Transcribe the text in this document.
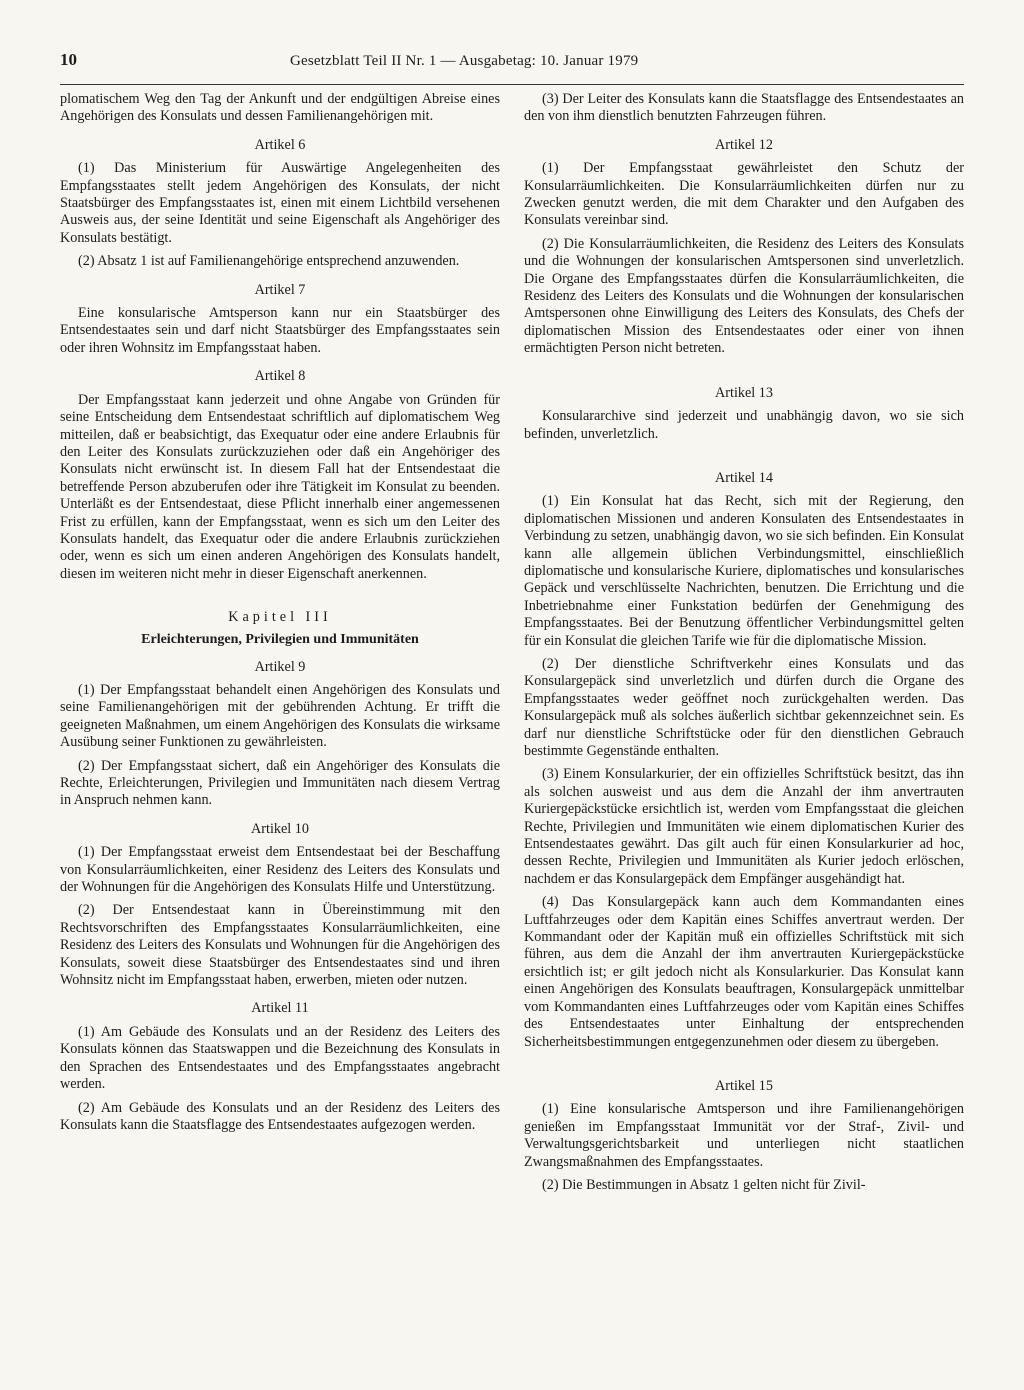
10	Gesetzblatt Teil II Nr. 1 — Ausgabetag: 10. Januar 1979

plomatischem Weg den Tag der Ankunft und der endgültigen Abreise eines Angehörigen des Konsulats und dessen Familienangehörigen mit.

Artikel 6

(1) Das Ministerium für Auswärtige Angelegenheiten des Empfangsstaates stellt jedem Angehörigen des Konsulats, der nicht Staatsbürger des Empfangsstaates ist, einen mit einem Lichtbild versehenen Ausweis aus, der seine Identität und seine Eigenschaft als Angehöriger des Konsulats bestätigt.

(2) Absatz 1 ist auf Familienangehörige entsprechend anzuwenden.

Artikel 7

Eine konsularische Amtsperson kann nur ein Staatsbürger des Entsendestaates sein und darf nicht Staatsbürger des Empfangsstaates sein oder ihren Wohnsitz im Empfangsstaat haben.

Artikel 8

Der Empfangsstaat kann jederzeit und ohne Angabe von Gründen für seine Entscheidung dem Entsendestaat schriftlich auf diplomatischem Weg mitteilen, daß er beabsichtigt, das Exequatur oder eine andere Erlaubnis für den Leiter des Konsulats zurückzuziehen oder daß ein Angehöriger des Konsulats nicht erwünscht ist. In diesem Fall hat der Entsendestaat die betreffende Person abzuberufen oder ihre Tätigkeit im Konsulat zu beenden. Unterläßt es der Entsendestaat, diese Pflicht innerhalb einer angemessenen Frist zu erfüllen, kann der Empfangsstaat, wenn es sich um den Leiter des Konsulats handelt, das Exequatur oder die andere Erlaubnis zurückziehen oder, wenn es sich um einen anderen Angehörigen des Konsulats handelt, diesen im weiteren nicht mehr in dieser Eigenschaft anerkennen.

Kapitel III
Erleichterungen, Privilegien und Immunitäten
Artikel 9

(1) Der Empfangsstaat behandelt einen Angehörigen des Konsulats und seine Familienangehörigen mit der gebührenden Achtung. Er trifft die geeigneten Maßnahmen, um einem Angehörigen des Konsulats die wirksame Ausübung seiner Funktionen zu gewährleisten.

(2) Der Empfangsstaat sichert, daß ein Angehöriger des Konsulats die Rechte, Erleichterungen, Privilegien und Immunitäten nach diesem Vertrag in Anspruch nehmen kann.

Artikel 10

(1) Der Empfangsstaat erweist dem Entsendestaat bei der Beschaffung von Konsularräumlichkeiten, einer Residenz des Leiters des Konsulats und der Wohnungen für die Angehörigen des Konsulats Hilfe und Unterstützung.

(2) Der Entsendestaat kann in Übereinstimmung mit den Rechtsvorschriften des Empfangsstaates Konsularräumlichkeiten, eine Residenz des Leiters des Konsulats und Wohnungen für die Angehörigen des Konsulats, soweit diese Staatsbürger des Entsendestaates sind und ihren Wohnsitz nicht im Empfangsstaat haben, erwerben, mieten oder nutzen.

Artikel 11

(1) Am Gebäude des Konsulats und an der Residenz des Leiters des Konsulats können das Staatswappen und die Bezeichnung des Konsulats in den Sprachen des Entsendestaates und des Empfangsstaates angebracht werden.

(2) Am Gebäude des Konsulats und an der Residenz des Leiters des Konsulats kann die Staatsflagge des Entsendestaates aufgezogen werden.

(3) Der Leiter des Konsulats kann die Staatsflagge des Entsendestaates an den von ihm dienstlich benutzten Fahrzeugen führen.

Artikel 12

(1) Der Empfangsstaat gewährleistet den Schutz der Konsularräumlichkeiten. Die Konsularräumlichkeiten dürfen nur zu Zwecken genutzt werden, die mit dem Charakter und den Aufgaben des Konsulats vereinbar sind.

(2) Die Konsularräumlichkeiten, die Residenz des Leiters des Konsulats und die Wohnungen der konsularischen Amtspersonen sind unverletzlich. Die Organe des Empfangsstaates dürfen die Konsularräumlichkeiten, die Residenz des Leiters des Konsulats und die Wohnungen der konsularischen Amtspersonen ohne Einwilligung des Leiters des Konsulats, des Chefs der diplomatischen Mission des Entsendestaates oder einer von ihnen ermächtigten Person nicht betreten.

Artikel 13

Konsulararchive sind jederzeit und unabhängig davon, wo sie sich befinden, unverletzlich.

Artikel 14

(1) Ein Konsulat hat das Recht, sich mit der Regierung, den diplomatischen Missionen und anderen Konsulaten des Entsendestaates in Verbindung zu setzen, unabhängig davon, wo sie sich befinden. Ein Konsulat kann alle allgemein üblichen Verbindungsmittel, einschließlich diplomatische und konsularische Kuriere, diplomatisches und konsularisches Gepäck und verschlüsselte Nachrichten, benutzen. Die Errichtung und die Inbetriebnahme einer Funkstation bedürfen der Genehmigung des Empfangsstaates. Bei der Benutzung öffentlicher Verbindungsmittel gelten für ein Konsulat die gleichen Tarife wie für die diplomatische Mission.

(2) Der dienstliche Schriftverkehr eines Konsulats und das Konsulargepäck sind unverletzlich und dürfen durch die Organe des Empfangsstaates weder geöffnet noch zurückgehalten werden. Das Konsulargepäck muß als solches äußerlich sichtbar gekennzeichnet sein. Es darf nur dienstliche Schriftstücke oder für den dienstlichen Gebrauch bestimmte Gegenstände enthalten.

(3) Einem Konsularkurier, der ein offizielles Schriftstück besitzt, das ihn als solchen ausweist und aus dem die Anzahl der ihm anvertrauten Kuriergepäckstücke ersichtlich ist, werden vom Empfangsstaat die gleichen Rechte, Privilegien und Immunitäten wie einem diplomatischen Kurier des Entsendestaates gewährt. Das gilt auch für einen Konsularkurier ad hoc, dessen Rechte, Privilegien und Immunitäten als Kurier jedoch erlöschen, nachdem er das Konsulargepäck dem Empfänger ausgehändigt hat.

(4) Das Konsulargepäck kann auch dem Kommandanten eines Luftfahrzeuges oder dem Kapitän eines Schiffes anvertraut werden. Der Kommandant oder der Kapitän muß ein offizielles Schriftstück mit sich führen, aus dem die Anzahl der ihm anvertrauten Kuriergepäckstücke ersichtlich ist; er gilt jedoch nicht als Konsularkurier. Das Konsulat kann einen Angehörigen des Konsulats beauftragen, Konsulargepäck unmittelbar vom Kommandanten eines Luftfahrzeuges oder vom Kapitän eines Schiffes des Entsendestaates unter Einhaltung der entsprechenden Sicherheitsbestimmungen entgegenzunehmen oder diesem zu übergeben.

Artikel 15

(1) Eine konsularische Amtsperson und ihre Familienangehörigen genießen im Empfangsstaat Immunität vor der Straf-, Zivil- und Verwaltungsgerichtsbarkeit und unterliegen nicht staatlichen Zwangsmaßnahmen des Empfangsstaates.

(2) Die Bestimmungen in Absatz 1 gelten nicht für Zivil-
